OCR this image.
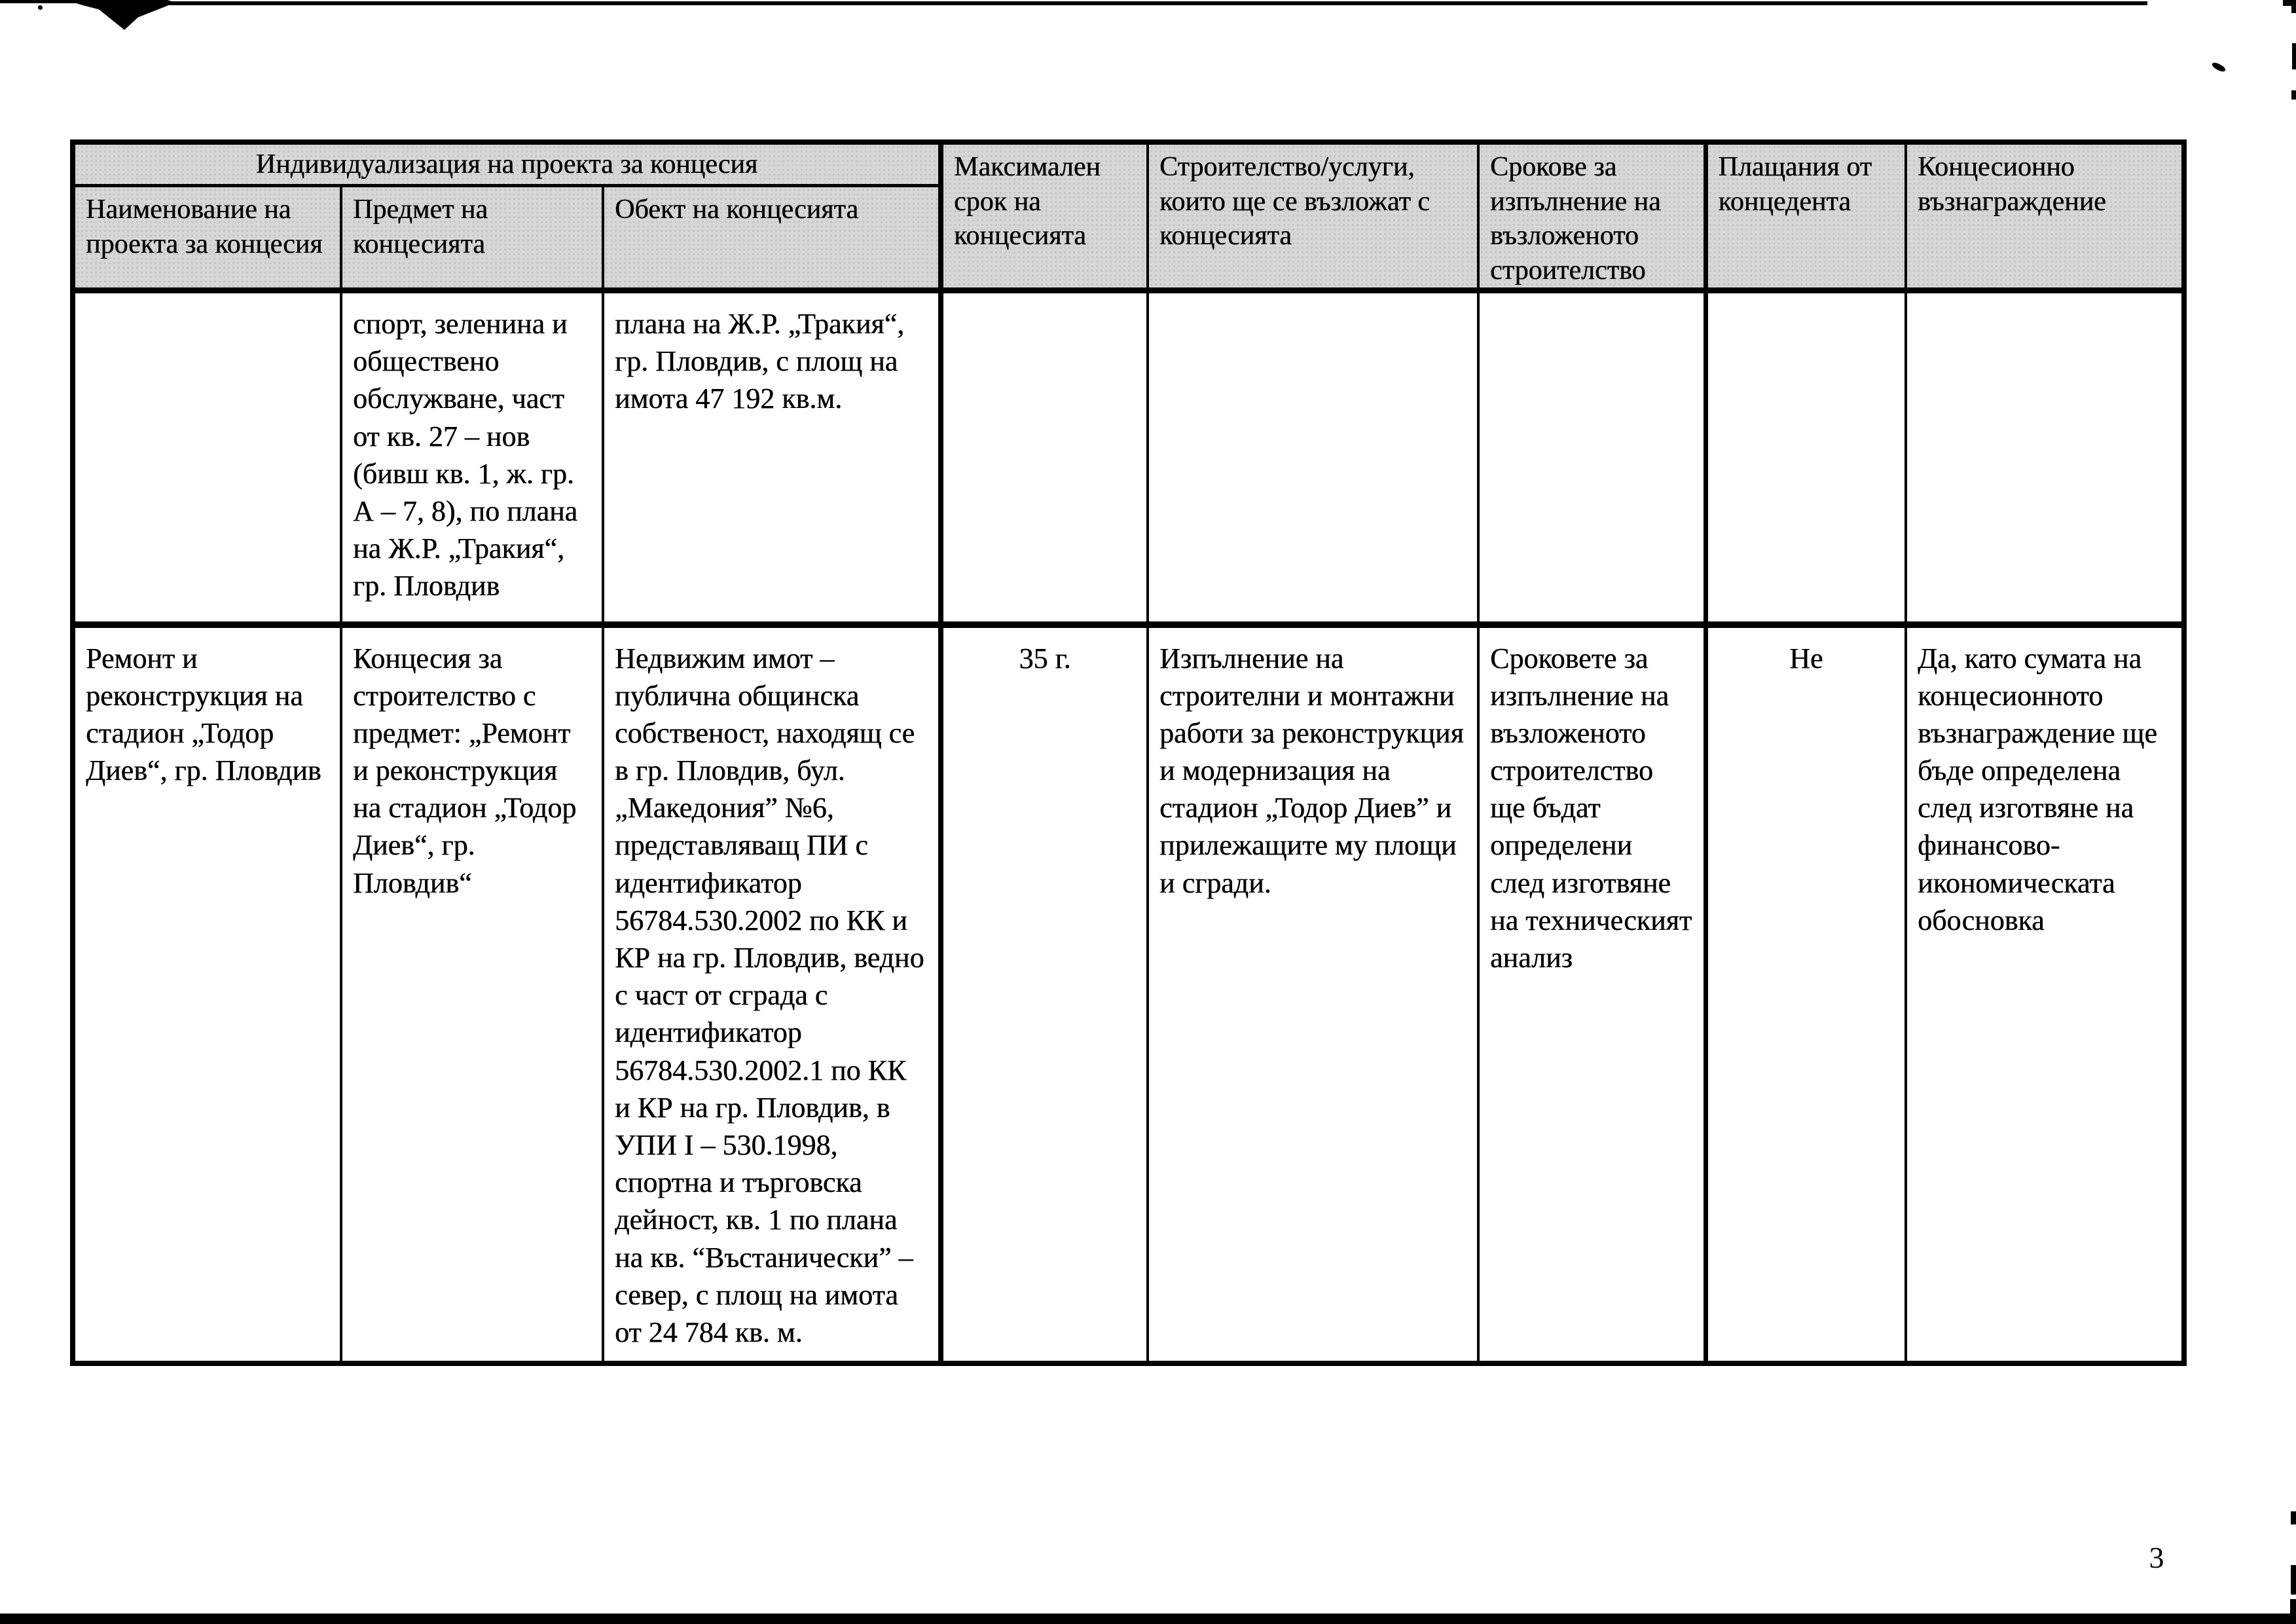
Индивидуализация на проекта за концесия			Максимален срок на концесията	Строителство/услуги, които ще се възложат с концесията	Срокове за изпълнение на възложеното строителство	Плащания от концедента	Концесионно възнаграждение
Наименование на проекта за концесия	Предмет на концесията	Обект на концесията					
	спорт, зеленина и обществено обслужване, част от кв. 27 – нов (бивш кв. 1, ж. гр. А – 7, 8), по плана на Ж.Р. „Тракия“, гр. Пловдив	плана на Ж.Р. „Тракия“, гр. Пловдив, с площ на имота 47 192 кв.м.					
Ремонт и реконструкция на стадион „Тодор Диев“, гр. Пловдив	Концесия за строителство с предмет: „Ремонт и реконструкция на стадион „Тодор Диев“, гр. Пловдив“	Недвижим имот – публична общинска собственост, находящ се в гр. Пловдив, бул. „Македония” №6, представляващ ПИ с идентификатор 56784.530.2002 по КК и КР на гр. Пловдив, ведно с част от сграда с идентификатор 56784.530.2002.1 по КК и КР на гр. Пловдив, в УПИ I – 530.1998, спортна и търговска дейност, кв. 1 по плана на кв. “Въстанически” – север, с площ на имота от 24 784 кв. м.	35 г.	Изпълнение на строителни и монтажни работи за реконструкция и модернизация на стадион „Тодор Диев” и прилежащите му площи и сгради.	Сроковете за изпълнение на възложеното строителство ще бъдат определени след изготвяне на техническият анализ	Не	Да, като сумата на концесионното възнаграждение ще бъде определена след изготвяне на финансово-икономическата обосновка
3
